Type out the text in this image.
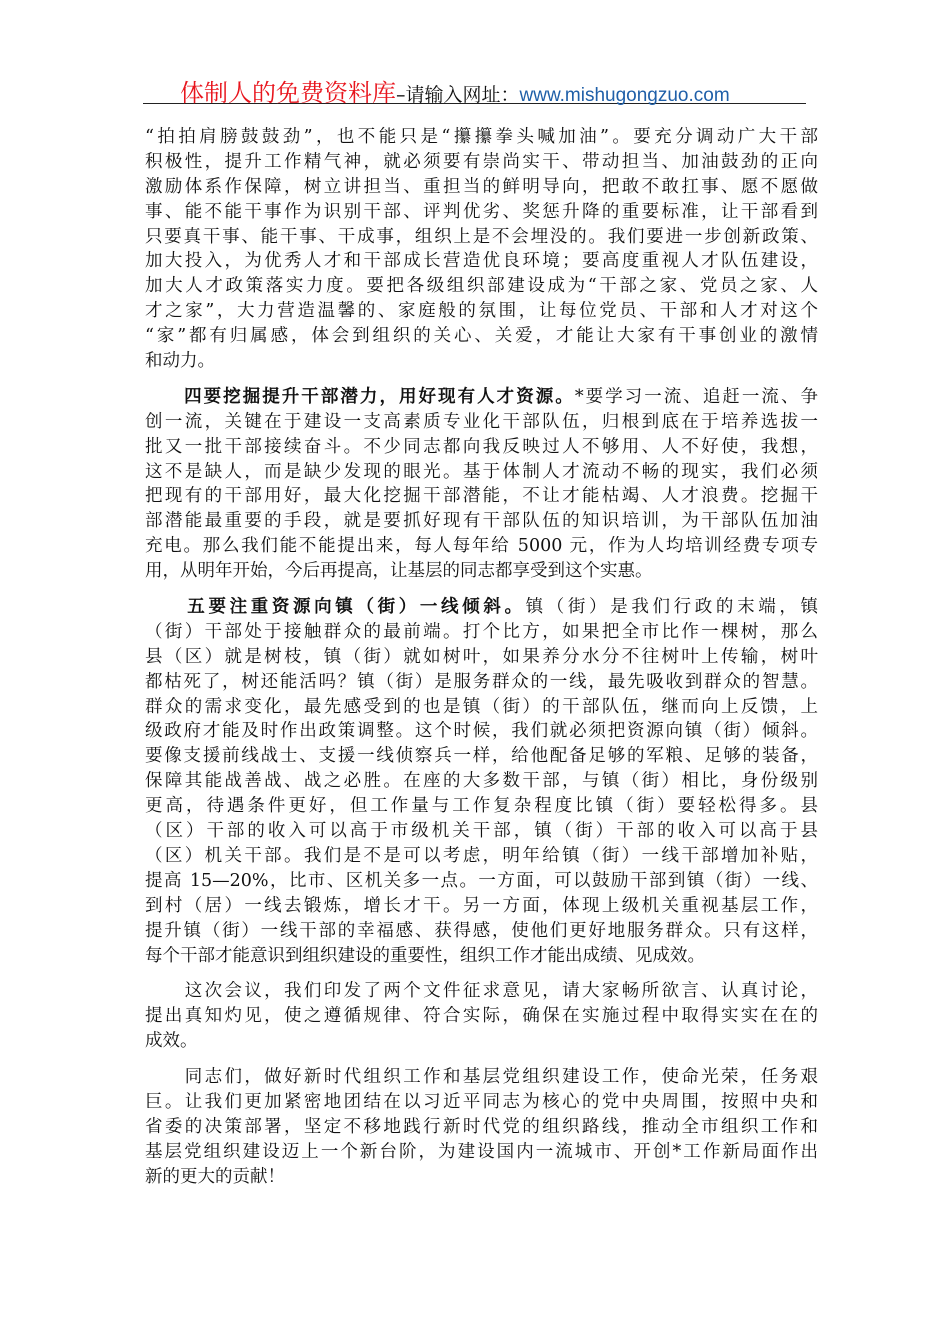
体制人的免费资料库–请输入网址：www.mishugongzuo.com
“拍拍肩膀鼓鼓劲”，也不能只是“攥攥拳头喊加油”。要充分调动广大干部
积极性，提升工作精气神，就必须要有崇尚实干、带动担当、加油鼓劲的正向
激励体系作保障，树立讲担当、重担当的鲜明导向，把敢不敢扛事、愿不愿做
事、能不能干事作为识别干部、评判优劣、奖惩升降的重要标准，让干部看到
只要真干事、能干事、干成事，组织上是不会埋没的。我们要进一步创新政策、
加大投入，为优秀人才和干部成长营造优良环境；要高度重视人才队伍建设，
加大人才政策落实力度。要把各级组织部建设成为“干部之家、党员之家、人
才之家”，大力营造温馨的、家庭般的氛围，让每位党员、干部和人才对这个
“家”都有归属感，体会到组织的关心、关爱，才能让大家有干事创业的激情
和动力。
　　四要挖掘提升干部潜力，用好现有人才资源。*要学习一流、追赶一流、争
创一流，关键在于建设一支高素质专业化干部队伍，归根到底在于培养选拔一
批又一批干部接续奋斗。不少同志都向我反映过人不够用、人不好使，我想，
这不是缺人，而是缺少发现的眼光。基于体制人才流动不畅的现实，我们必须
把现有的干部用好，最大化挖掘干部潜能，不让才能枯竭、人才浪费。挖掘干
部潜能最重要的手段，就是要抓好现有干部队伍的知识培训，为干部队伍加油
充电。那么我们能不能提出来，每人每年给 5000 元，作为人均培训经费专项专
用，从明年开始，今后再提高，让基层的同志都享受到这个实惠。
　　五要注重资源向镇（街）一线倾斜。镇（街）是我们行政的末端，镇
（街）干部处于接触群众的最前端。打个比方，如果把全市比作一棵树，那么
县（区）就是树枝，镇（街）就如树叶，如果养分水分不往树叶上传输，树叶
都枯死了，树还能活吗？镇（街）是服务群众的一线，最先吸收到群众的智慧。
群众的需求变化，最先感受到的也是镇（街）的干部队伍，继而向上反馈，上
级政府才能及时作出政策调整。这个时候，我们就必须把资源向镇（街）倾斜。
要像支援前线战士、支援一线侦察兵一样，给他配备足够的军粮、足够的装备，
保障其能战善战、战之必胜。在座的大多数干部，与镇（街）相比，身份级别
更高，待遇条件更好，但工作量与工作复杂程度比镇（街）要轻松得多。县
（区）干部的收入可以高于市级机关干部，镇（街）干部的收入可以高于县
（区）机关干部。我们是不是可以考虑，明年给镇（街）一线干部增加补贴，
提高 15—20%，比市、区机关多一点。一方面，可以鼓励干部到镇（街）一线、
到村（居）一线去锻炼，增长才干。另一方面，体现上级机关重视基层工作，
提升镇（街）一线干部的幸福感、获得感，使他们更好地服务群众。只有这样，
每个干部才能意识到组织建设的重要性，组织工作才能出成绩、见成效。
　　这次会议，我们印发了两个文件征求意见，请大家畅所欲言、认真讨论，
提出真知灼见，使之遵循规律、符合实际，确保在实施过程中取得实实在在的
成效。
　　同志们，做好新时代组织工作和基层党组织建设工作，使命光荣，任务艰
巨。让我们更加紧密地团结在以习近平同志为核心的党中央周围，按照中央和
省委的决策部署，坚定不移地践行新时代党的组织路线，推动全市组织工作和
基层党组织建设迈上一个新台阶，为建设国内一流城市、开创*工作新局面作出
新的更大的贡献！
